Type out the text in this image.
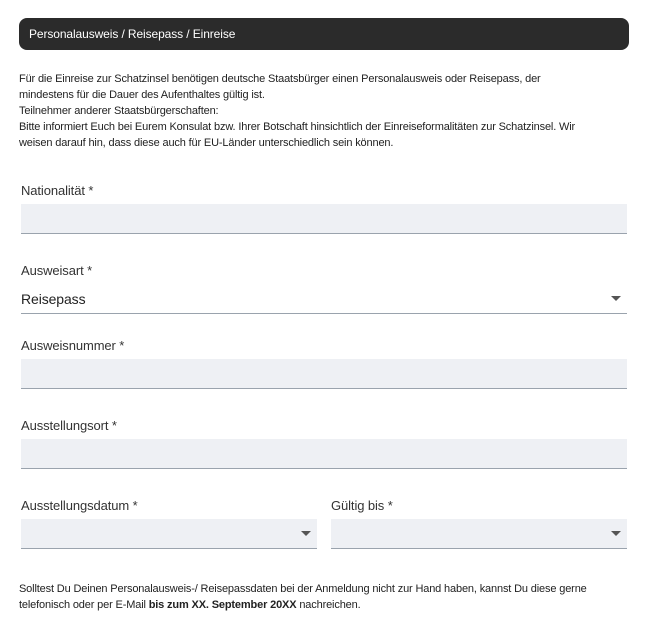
Personalausweis / Reisepass / Einreise
Für die Einreise zur Schatzinsel benötigen deutsche Staatsbürger einen Personalausweis oder Reisepass, der
mindestens für die Dauer des Aufenthaltes gültig ist.
Teilnehmer anderer Staatsbürgerschaften:
Bitte informiert Euch bei Eurem Konsulat bzw. Ihrer Botschaft hinsichtlich der Einreiseformalitäten zur Schatzinsel. Wir
weisen darauf hin, dass diese auch für EU-Länder unterschiedlich sein können.
Nationalität *
Ausweisart *
Reisepass
Ausweisnummer *
Ausstellungsort *
Ausstellungsdatum *	Gültig bis *
Solltest Du Deinen Personalausweis-/ Reisepassdaten bei der Anmeldung nicht zur Hand haben, kannst Du diese gerne
telefonisch oder per E-Mail bis zum XX. September 20XX nachreichen.
